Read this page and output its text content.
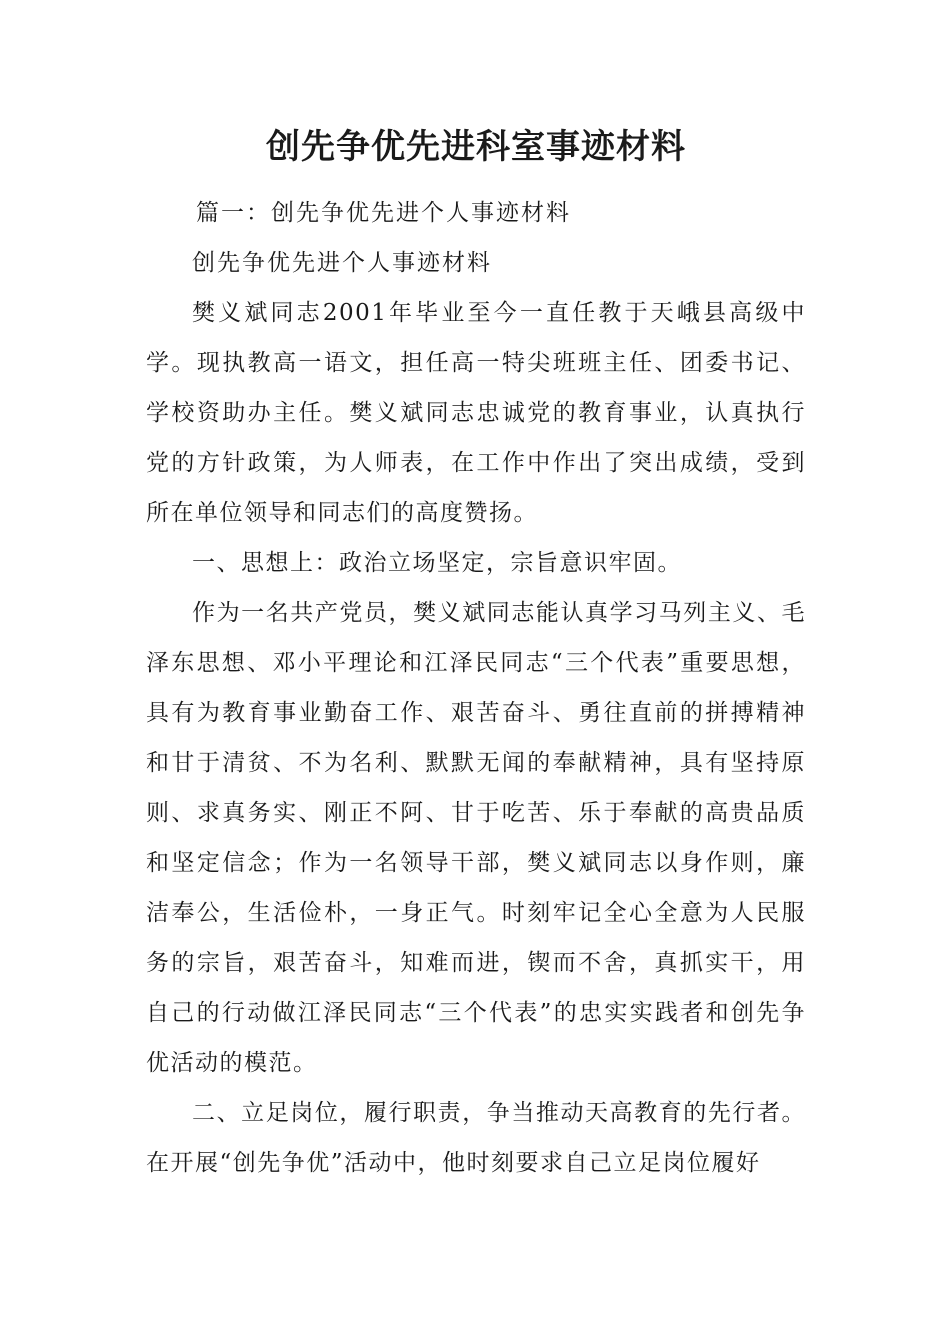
创先争优先进科室事迹材料

篇一：创先争优先进个人事迹材料

创先争优先进个人事迹材料

樊义斌同志2001年毕业至今一直任教于天峨县高级中学。现执教高一语文，担任高一特尖班班主任、团委书记、学校资助办主任。樊义斌同志忠诚党的教育事业，认真执行党的方针政策，为人师表，在工作中作出了突出成绩，受到所在单位领导和同志们的高度赞扬。

一、思想上：政治立场坚定，宗旨意识牢固。

作为一名共产党员，樊义斌同志能认真学习马列主义、毛泽东思想、邓小平理论和江泽民同志“三个代表”重要思想，具有为教育事业勤奋工作、艰苦奋斗、勇往直前的拼搏精神和甘于清贫、不为名利、默默无闻的奉献精神，具有坚持原则、求真务实、刚正不阿、甘于吃苦、乐于奉献的高贵品质和坚定信念；作为一名领导干部，樊义斌同志以身作则，廉洁奉公，生活俭朴，一身正气。时刻牢记全心全意为人民服务的宗旨，艰苦奋斗，知难而进，锲而不舍，真抓实干，用自己的行动做江泽民同志“三个代表”的忠实实践者和创先争优活动的模范。

二、立足岗位，履行职责，争当推动天高教育的先行者。在开展“创先争优”活动中，他时刻要求自己立足岗位履好
